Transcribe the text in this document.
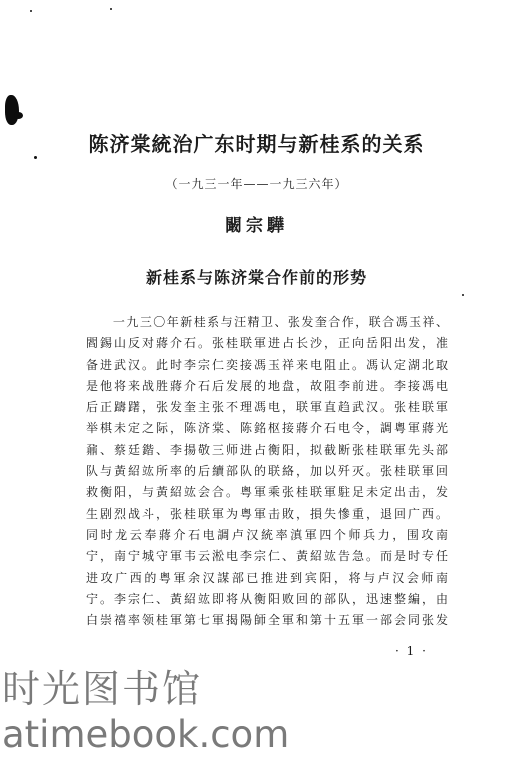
陈济棠統治广东时期与新桂系的关系
（一九三一年——一九三六年）
闞宗驊
新桂系与陈济棠合作前的形势
　　一九三〇年新桂系与汪精卫、张发奎合作，联合馮玉祥、
閻錫山反对蔣介石。张桂联軍进占长沙，正向岳阳出发，准
备进武汉。此时李宗仁奕接馮玉祥来电阻止。馮认定湖北取
是他将来战胜蔣介石后发展的地盘，故阻李前进。李接馮电
后正躊躇，张发奎主张不理馮电，联軍直趋武汉。张桂联軍
举棋未定之际，陈济棠、陈銘枢接蔣介石电令，調粵軍蔣光
鼐、蔡廷鍇、李揚敬三师进占衡阳，拟截断张桂联軍先头部
队与黃紹竑所率的后續部队的联絡，加以歼灭。张桂联軍回
救衡阳，与黃紹竑会合。粤軍乘张桂联軍駐足未定出击，发
生剧烈战斗，张桂联軍为粤軍击敗，損失慘重，退回广西。
同时龙云奉蔣介石电調卢汉統率滇軍四个师兵力，围攻南
宁，南宁城守軍韦云淞电李宗仁、黃紹竑告急。而是时专任
进攻广西的粤軍余汉謀部已推进到宾阳，将与卢汉会师南
宁。李宗仁、黃紹竑即将从衡阳败回的部队，迅速整編，由
白崇禧率领桂軍第七軍揭陽師全軍和第十五軍一部会同张发
· 1 ·
时光图书馆
atimebook.com
